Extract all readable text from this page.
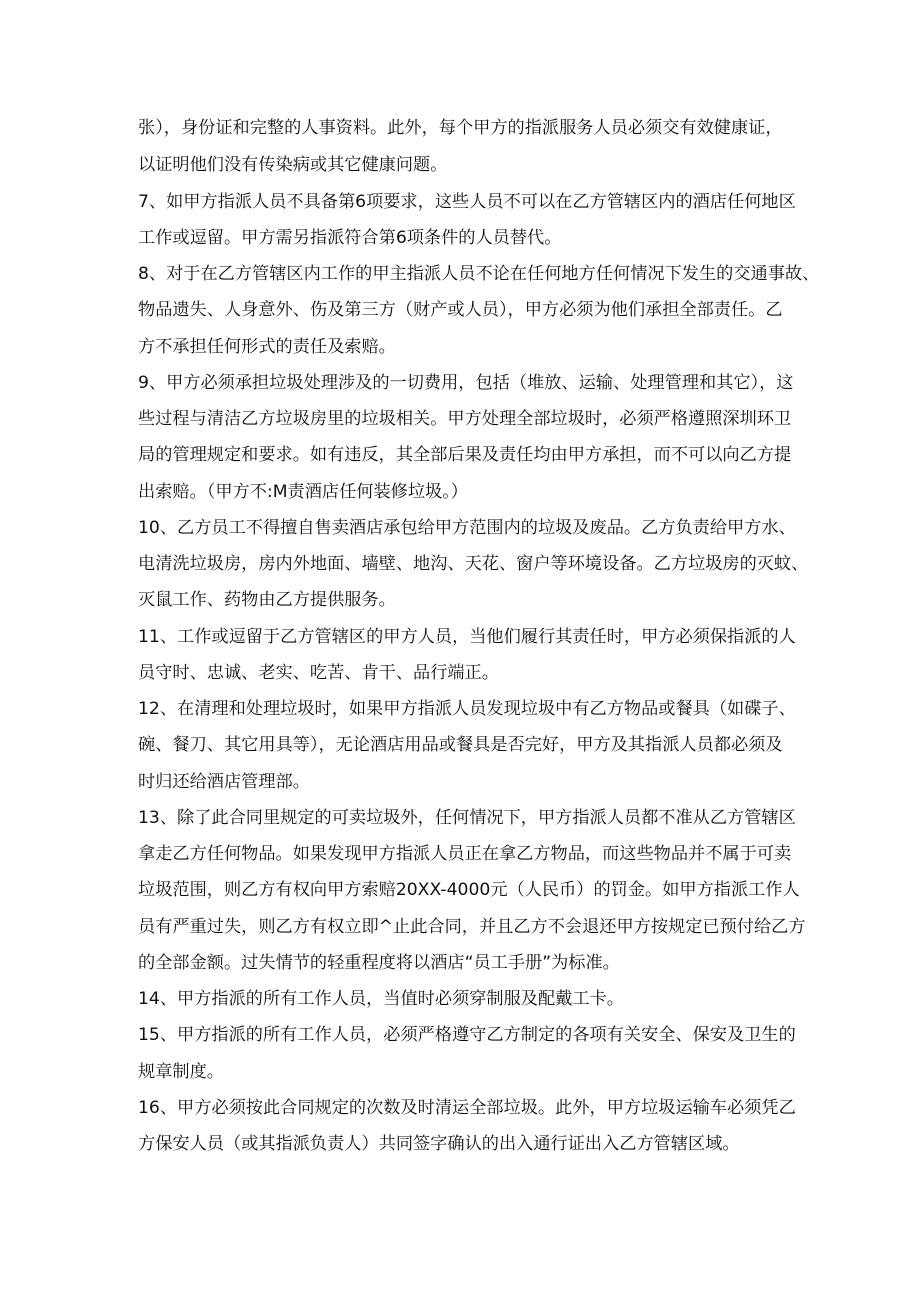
张），身份证和完整的人事资料。此外，每个甲方的指派服务人员必须交有效健康证，
以证明他们没有传染病或其它健康问题。
7、如甲方指派人员不具备第6项要求，这些人员不可以在乙方管辖区内的酒店任何地区
工作或逗留。甲方需另指派符合第6项条件的人员替代。
8、对于在乙方管辖区内工作的甲主指派人员不论在任何地方任何情况下发生的交通事故、
物品遗失、人身意外、伤及第三方（财产或人员），甲方必须为他们承担全部责任。乙
方不承担任何形式的责任及索赔。
9、甲方必须承担垃圾处理涉及的一切费用，包括（堆放、运输、处理管理和其它），这
些过程与清洁乙方垃圾房里的垃圾相关。甲方处理全部垃圾时，必须严格遵照深圳环卫
局的管理规定和要求。如有违反，其全部后果及责任均由甲方承担，而不可以向乙方提
出索赔。（甲方不:M责酒店任何装修垃圾。）
10、乙方员工不得擅自售卖酒店承包给甲方范围内的垃圾及废品。乙方负责给甲方水、
电清洗垃圾房，房内外地面、墙壁、地沟、天花、窗户等环境设备。乙方垃圾房的灭蚊、
灭鼠工作、药物由乙方提供服务。
11、工作或逗留于乙方管辖区的甲方人员，当他们履行其责任时，甲方必须保指派的人
员守时、忠诚、老实、吃苦、肯干、品行端正。
12、在清理和处理垃圾时，如果甲方指派人员发现垃圾中有乙方物品或餐具（如碟子、
碗、餐刀、其它用具等），无论酒店用品或餐具是否完好，甲方及其指派人员都必须及
时归还给酒店管理部。
13、除了此合同里规定的可卖垃圾外，任何情况下，甲方指派人员都不准从乙方管辖区
拿走乙方任何物品。如果发现甲方指派人员正在拿乙方物品，而这些物品并不属于可卖
垃圾范围，则乙方有权向甲方索赔20XX-4000元（人民币）的罚金。如甲方指派工作人
员有严重过失，则乙方有权立即^止此合同，并且乙方不会退还甲方按规定已预付给乙方
的全部金额。过失情节的轻重程度将以酒店“员工手册”为标准。
14、甲方指派的所有工作人员，当值时必须穿制服及配戴工卡。
15、甲方指派的所有工作人员，必须严格遵守乙方制定的各项有关安全、保安及卫生的
规章制度。
16、甲方必须按此合同规定的次数及时清运全部垃圾。此外，甲方垃圾运输车必须凭乙
方保安人员（或其指派负责人）共同签字确认的出入通行证出入乙方管辖区域。
